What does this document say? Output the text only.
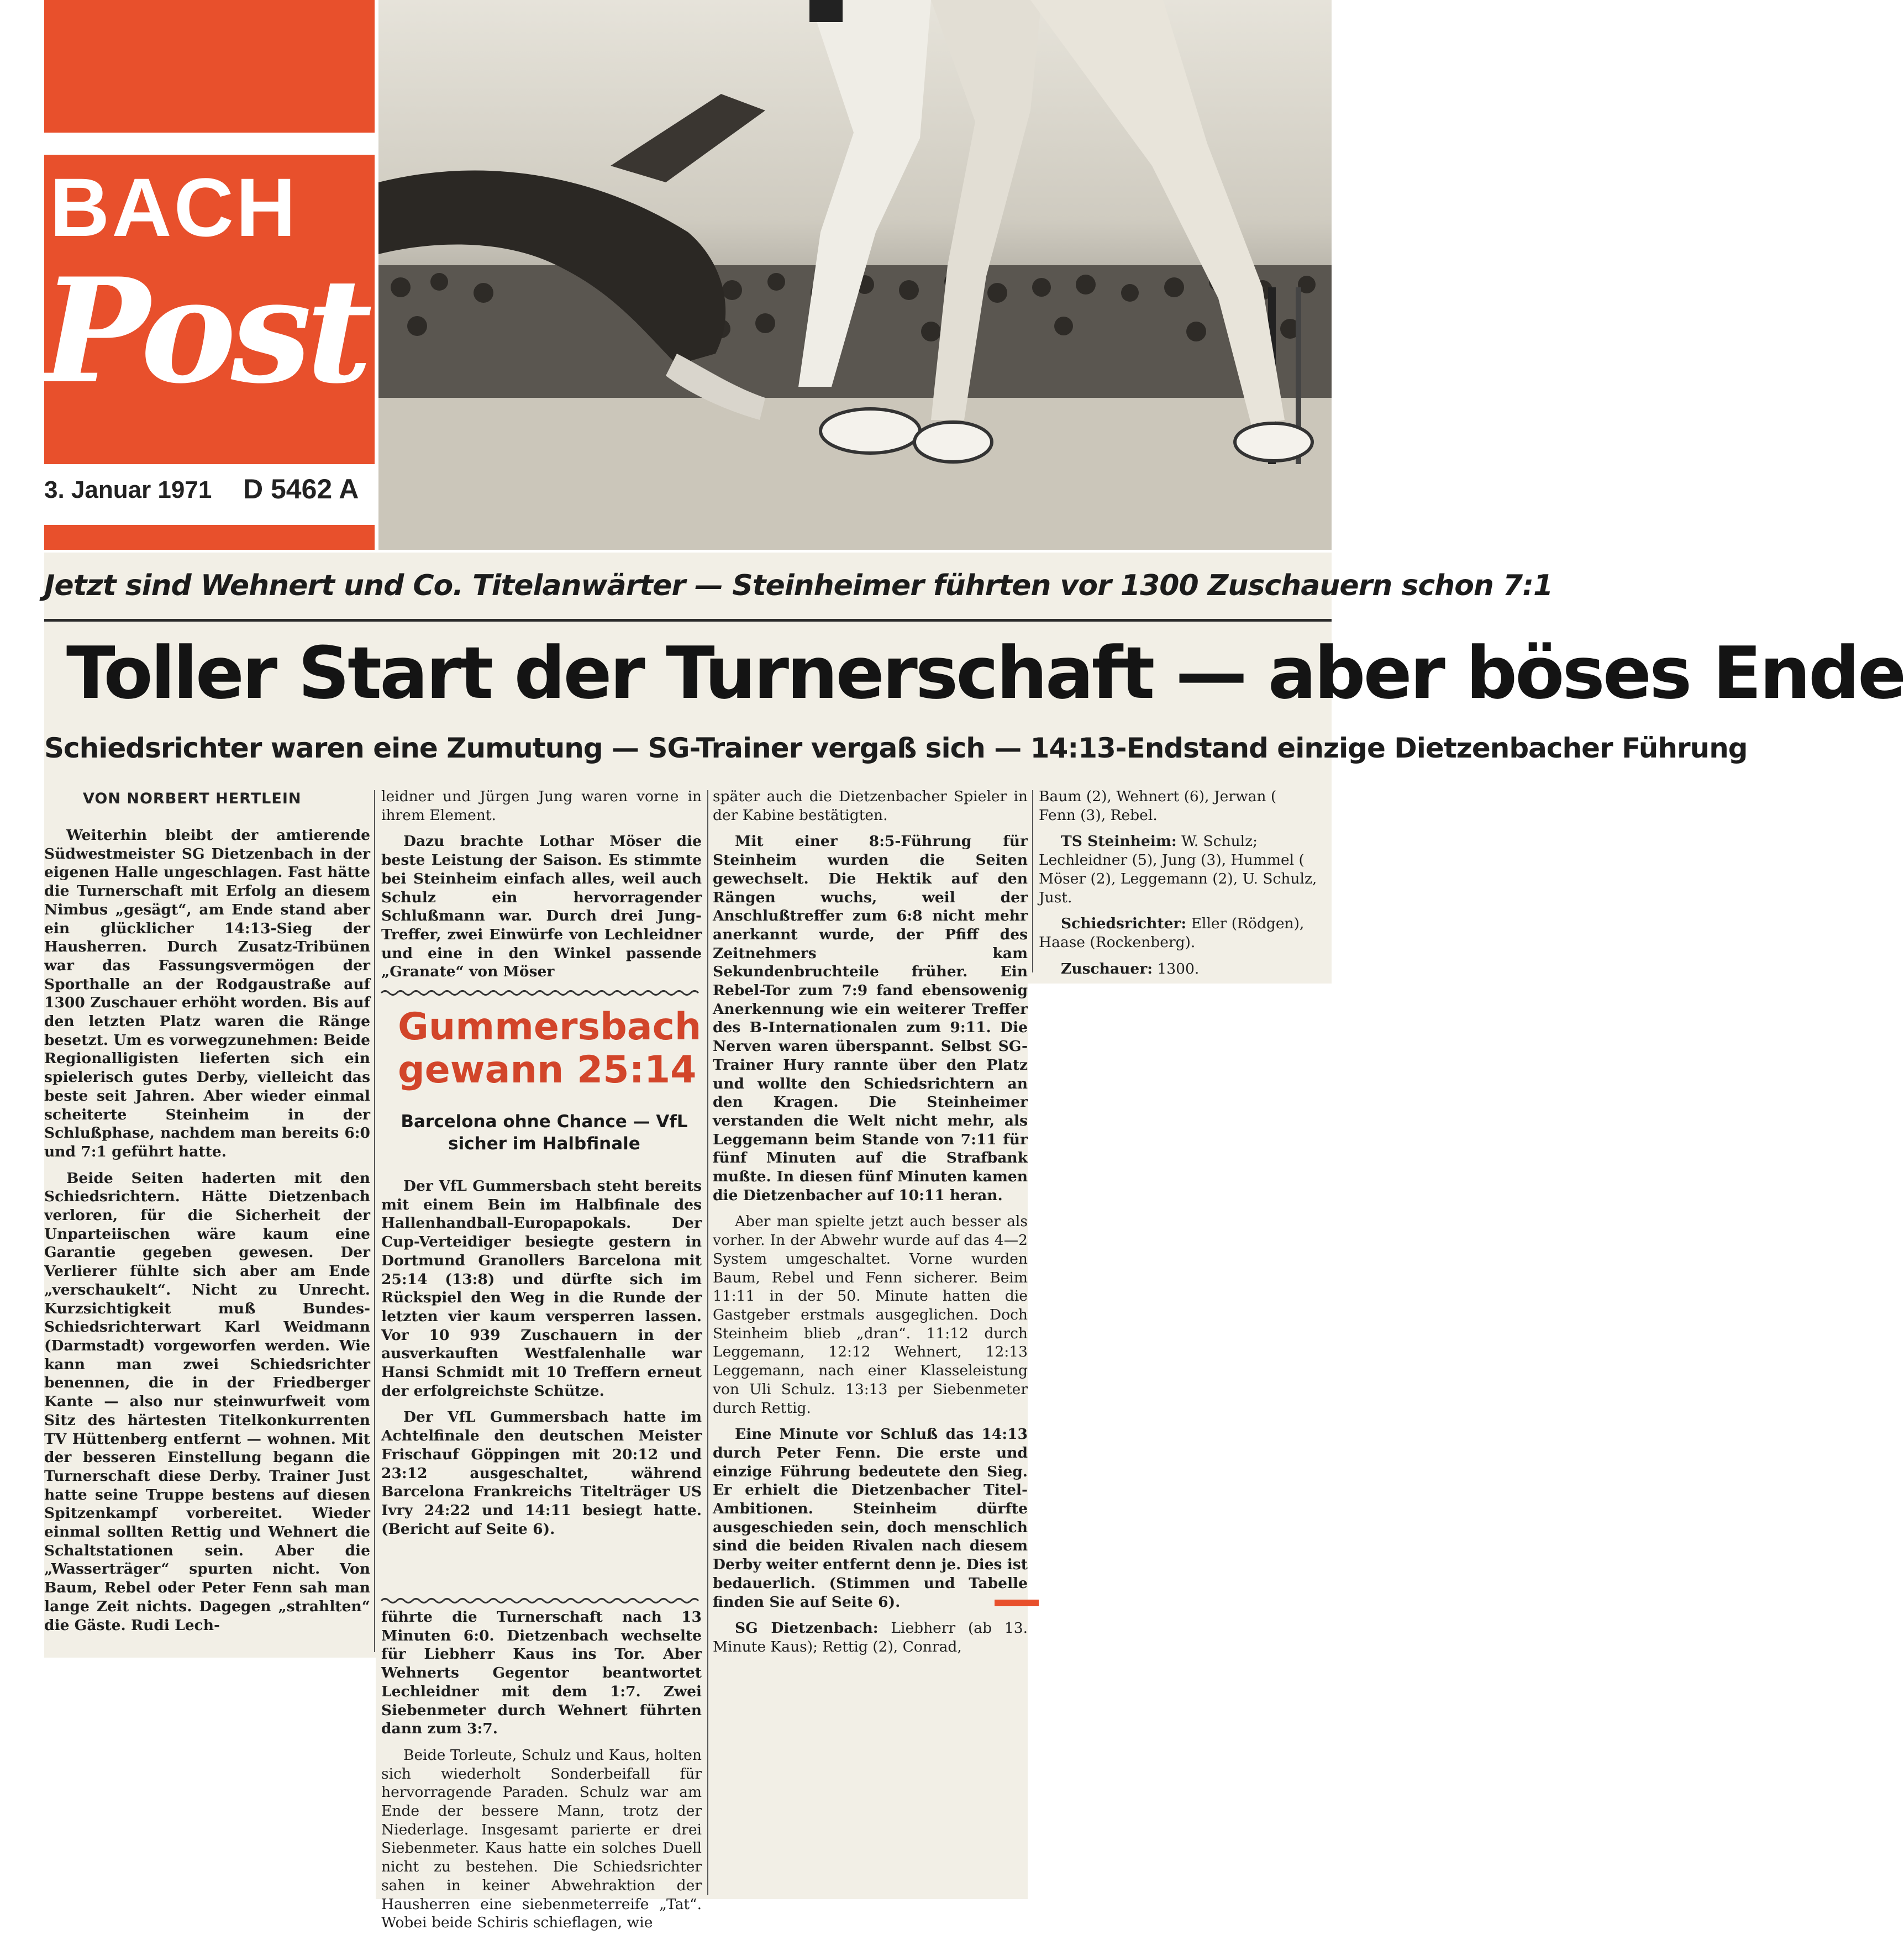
BACH
Post
3. Januar 1971 D 5462 A
Jetzt sind Wehnert und Co. Titelanwärter — Steinheimer führten vor 1300 Zuschauern schon 7:1
Toller Start der Turnerschaft — aber böses Ende
Schiedsrichter waren eine Zumutung — SG-Trainer vergaß sich — 14:13-Endstand einzige Dietzenbacher Führung
VON NORBERT HERTLEIN

Weiterhin bleibt der amtierende Südwestmeister SG Dietzenbach in der eigenen Halle ungeschlagen. Fast hätte die Turnerschaft mit Erfolg an diesem Nimbus „gesägt“, am Ende stand aber ein glücklicher 14:13-Sieg der Hausherren. Durch Zusatz-Tribünen war das Fassungsvermögen der Sporthalle an der Rodgaustraße auf 1300 Zuschauer erhöht worden. Bis auf den letzten Platz waren die Ränge besetzt. Um es vorwegzunehmen: Beide Regionalligisten lieferten sich ein spielerisch gutes Derby, vielleicht das beste seit Jahren. Aber wieder einmal scheiterte Steinheim in der Schlußphase, nachdem man bereits 6:0 und 7:1 geführt hatte.

Beide Seiten haderten mit den Schiedsrichtern. Hätte Dietzenbach verloren, für die Sicherheit der Unparteiischen wäre kaum eine Garantie gegeben gewesen. Der Verlierer fühlte sich aber am Ende „verschaukelt“. Nicht zu Unrecht. Kurzsichtigkeit muß Bundes-Schiedsrichterwart Karl Weidmann (Darmstadt) vorgeworfen werden. Wie kann man zwei Schiedsrichter benennen, die in der Friedberger Kante — also nur steinwurfweit vom Sitz des härtesten Titelkonkurrenten TV Hüttenberg entfernt — wohnen. Mit der besseren Einstellung begann die Turnerschaft diese Derby. Trainer Just hatte seine Truppe bestens auf diesen Spitzenkampf vorbereitet. Wieder einmal sollten Rettig und Wehnert die Schaltstationen sein. Aber die „Wasserträger“ spurten nicht. Von Baum, Rebel oder Peter Fenn sah man lange Zeit nichts. Dagegen „strahlten“ die Gäste. Rudi Lech-

leidner und Jürgen Jung waren vorne in ihrem Element.

Dazu brachte Lothar Möser die beste Leistung der Saison. Es stimmte bei Steinheim einfach alles, weil auch Schulz ein hervorragender Schlußmann war. Durch drei Jung-Treffer, zwei Einwürfe von Lechleidner und eine in den Winkel passende „Granate“ von Möser

Gummersbach gewann 25:14
Barcelona ohne Chance — VfL sicher im Halbfinale

Der VfL Gummersbach steht bereits mit einem Bein im Halbfinale des Hallenhandball-Europapokals. Der Cup-Verteidiger besiegte gestern in Dortmund Granollers Barcelona mit 25:14 (13:8) und dürfte sich im Rückspiel den Weg in die Runde der letzten vier kaum versperren lassen. Vor 10 939 Zuschauern in der ausverkauften Westfalenhalle war Hansi Schmidt mit 10 Treffern erneut der erfolgreichste Schütze.

Der VfL Gummersbach hatte im Achtelfinale den deutschen Meister Frischauf Göppingen mit 20:12 und 23:12 ausgeschaltet, während Barcelona Frankreichs Titelträger US Ivry 24:22 und 14:11 besiegt hatte. (Bericht auf Seite 6).

führte die Turnerschaft nach 13 Minuten 6:0. Dietzenbach wechselte für Liebherr Kaus ins Tor. Aber Wehnerts Gegentor beantwortet Lechleidner mit dem 1:7. Zwei Siebenmeter durch Wehnert führten dann zum 3:7.

Beide Torleute, Schulz und Kaus, holten sich wiederholt Sonderbeifall für hervorragende Paraden. Schulz war am Ende der bessere Mann, trotz der Niederlage. Insgesamt parierte er drei Siebenmeter. Kaus hatte ein solches Duell nicht zu bestehen. Die Schiedsrichter sahen in keiner Abwehraktion der Hausherren eine siebenmeterreife „Tat“. Wobei beide Schiris schieflagen, wie

später auch die Dietzenbacher Spieler in der Kabine bestätigten.

Mit einer 8:5-Führung für Steinheim wurden die Seiten gewechselt. Die Hektik auf den Rängen wuchs, weil der Anschlußtreffer zum 6:8 nicht mehr anerkannt wurde, der Pfiff des Zeitnehmers kam Sekundenbruchteile früher. Ein Rebel-Tor zum 7:9 fand ebensowenig Anerkennung wie ein weiterer Treffer des B-Internationalen zum 9:11. Die Nerven waren überspannt. Selbst SG-Trainer Hury rannte über den Platz und wollte den Schiedsrichtern an den Kragen. Die Steinheimer verstanden die Welt nicht mehr, als Leggemann beim Stande von 7:11 für fünf Minuten auf die Strafbank mußte. In diesen fünf Minuten kamen die Dietzenbacher auf 10:11 heran.

Aber man spielte jetzt auch besser als vorher. In der Abwehr wurde auf das 4—2 System umgeschaltet. Vorne wurden Baum, Rebel und Fenn sicherer. Beim 11:11 in der 50. Minute hatten die Gastgeber erstmals ausgeglichen. Doch Steinheim blieb „dran“. 11:12 durch Leggemann, 12:12 Wehnert, 12:13 Leggemann, nach einer Klasseleistung von Uli Schulz. 13:13 per Siebenmeter durch Rettig.

Eine Minute vor Schluß das 14:13 durch Peter Fenn. Die erste und einzige Führung bedeutete den Sieg. Er erhielt die Dietzenbacher Titel-Ambitionen. Steinheim dürfte ausgeschieden sein, doch menschlich sind die beiden Rivalen nach diesem Derby weiter entfernt denn je. Dies ist bedauerlich. (Stimmen und Tabelle finden Sie auf Seite 6).

SG Dietzenbach: Liebherr (ab 13. Minute Kaus); Rettig (2), Conrad,

Baum (2), Wehnert (6), Jerwan (
Fenn (3), Rebel.

TS Steinheim: W. Schulz; Lechleidner (5), Jung (3), Hummel ( Möser (2), Leggemann (2), U. Schulz, Just.

Schiedsrichter: Eller (Rödgen), Haase (Rockenberg).

Zuschauer: 1300.
